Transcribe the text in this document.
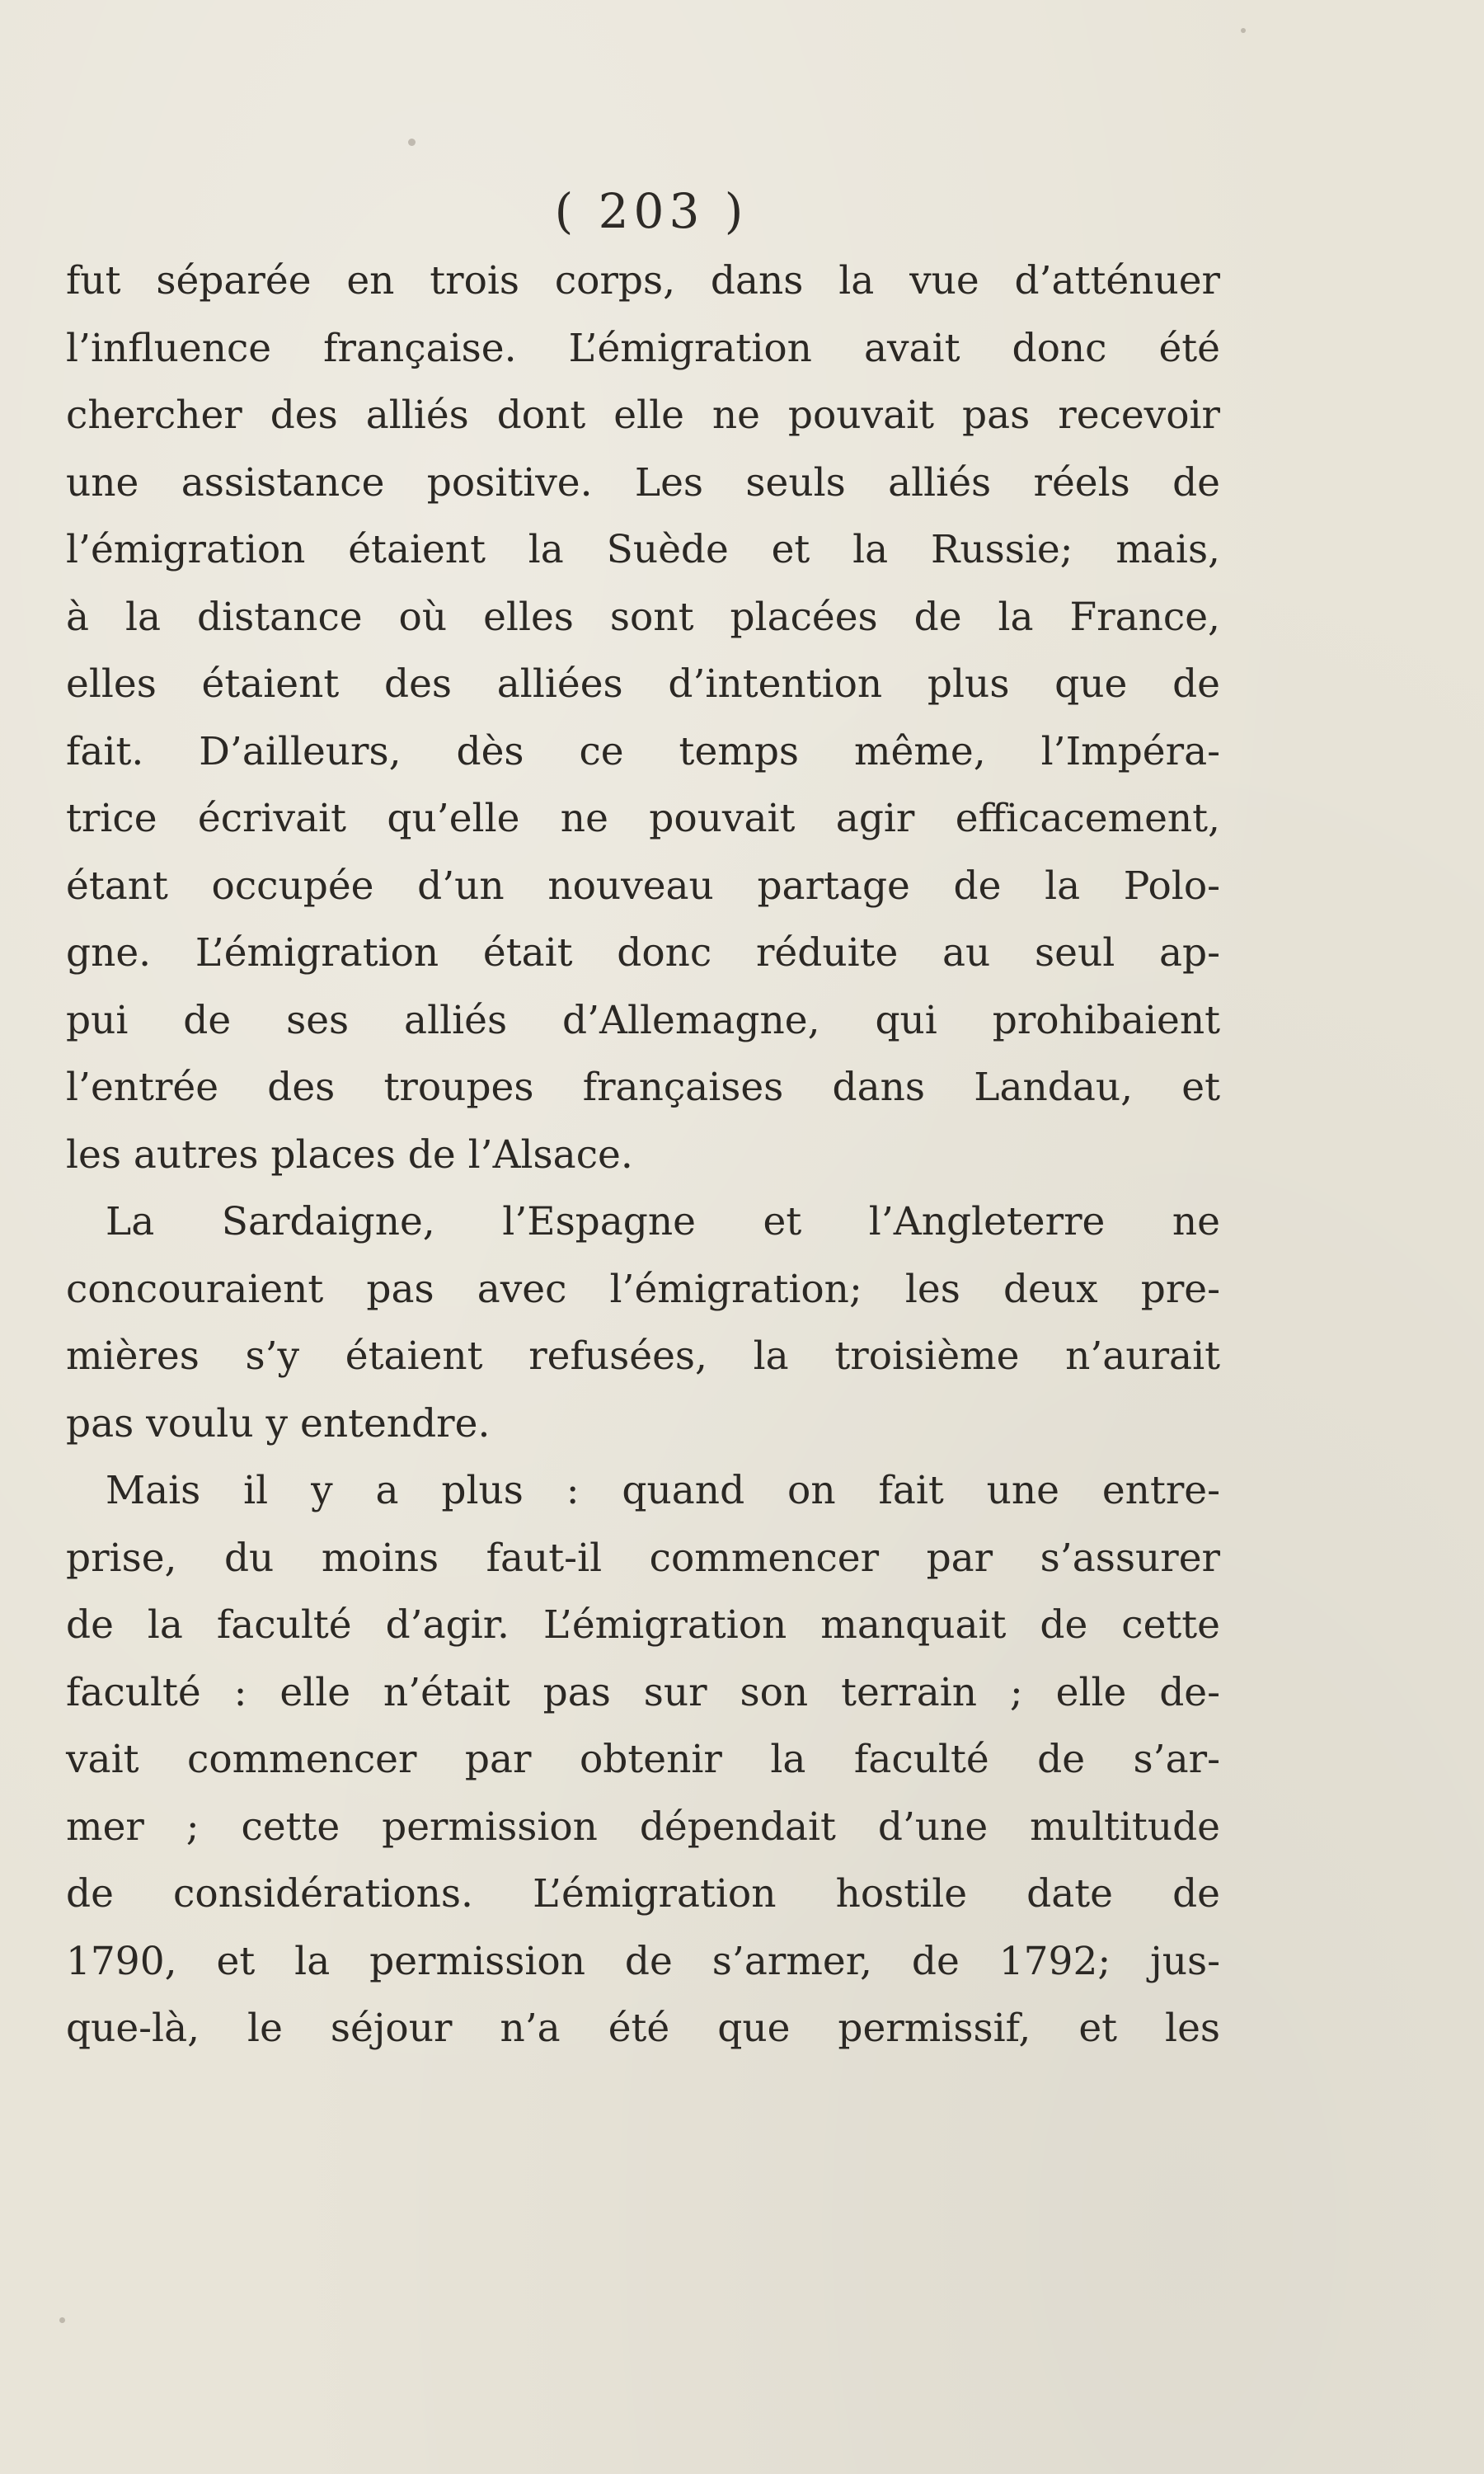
( 203 )
fut séparée en trois corps, dans la vue d’atténuer
l’influence française. L’émigration avait donc été
chercher des alliés dont elle ne pouvait pas recevoir
une assistance positive. Les seuls alliés réels de
l’émigration étaient la Suède et la Russie; mais,
à la distance où elles sont placées de la France,
elles étaient des alliées d’intention plus que de
fait. D’ailleurs, dès ce temps même, l’Impéra-
trice écrivait qu’elle ne pouvait agir efficacement,
étant occupée d’un nouveau partage de la Polo-
gne. L’émigration était donc réduite au seul ap-
pui de ses alliés d’Allemagne, qui prohibaient
l’entrée des troupes françaises dans Landau, et
les autres places de l’Alsace.
La Sardaigne, l’Espagne et l’Angleterre ne
concouraient pas avec l’émigration; les deux pre-
mières s’y étaient refusées, la troisième n’aurait
pas voulu y entendre.
Mais il y a plus : quand on fait une entre-
prise, du moins faut-il commencer par s’assurer
de la faculté d’agir. L’émigration manquait de cette
faculté : elle n’était pas sur son terrain ; elle de-
vait commencer par obtenir la faculté de s’ar-
mer ; cette permission dépendait d’une multitude
de considérations. L’émigration hostile date de
1790, et la permission de s’armer, de 1792; jus-
que-là, le séjour n’a été que permissif, et les
